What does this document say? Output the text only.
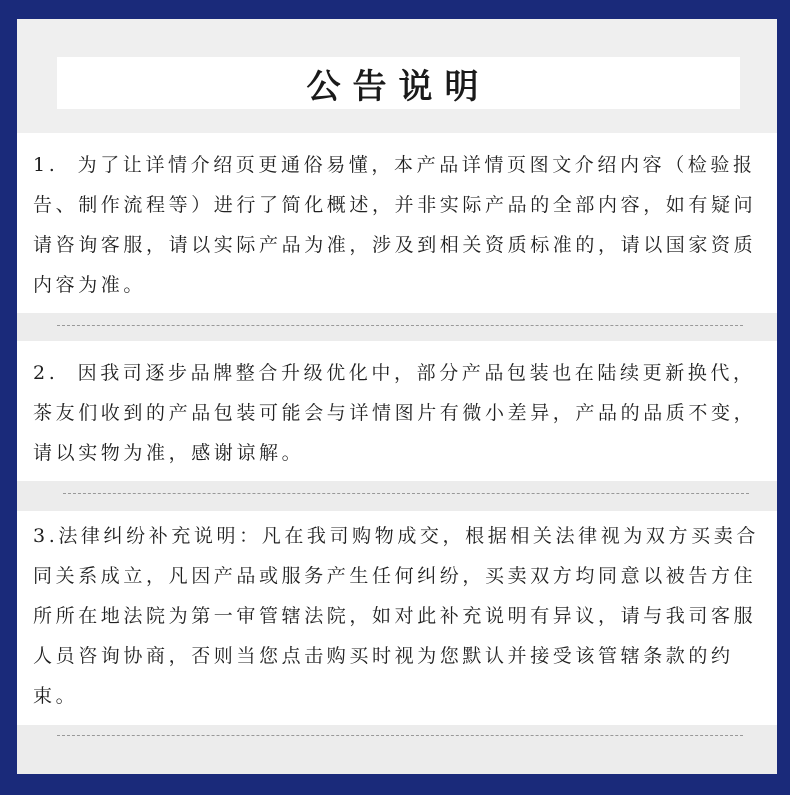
公告说明

1.  为了让详情介绍页更通俗易懂，本产品详情页图文介绍内容（检验报告、制作流程等）进行了简化概述，并非实际产品的全部内容，如有疑问请咨询客服，请以实际产品为准，涉及到相关资质标准的，请以国家资质内容为准。

2.  因我司逐步品牌整合升级优化中，部分产品包装也在陆续更新换代，茶友们收到的产品包装可能会与详情图片有微小差异，产品的品质不变，请以实物为准，感谢谅解。

3.法律纠纷补充说明：凡在我司购物成交，根据相关法律视为双方买卖合同关系成立，凡因产品或服务产生任何纠纷，买卖双方均同意以被告方住所所在地法院为第一审管辖法院，如对此补充说明有异议，请与我司客服人员咨询协商，否则当您点击购买时视为您默认并接受该管辖条款的约束。
